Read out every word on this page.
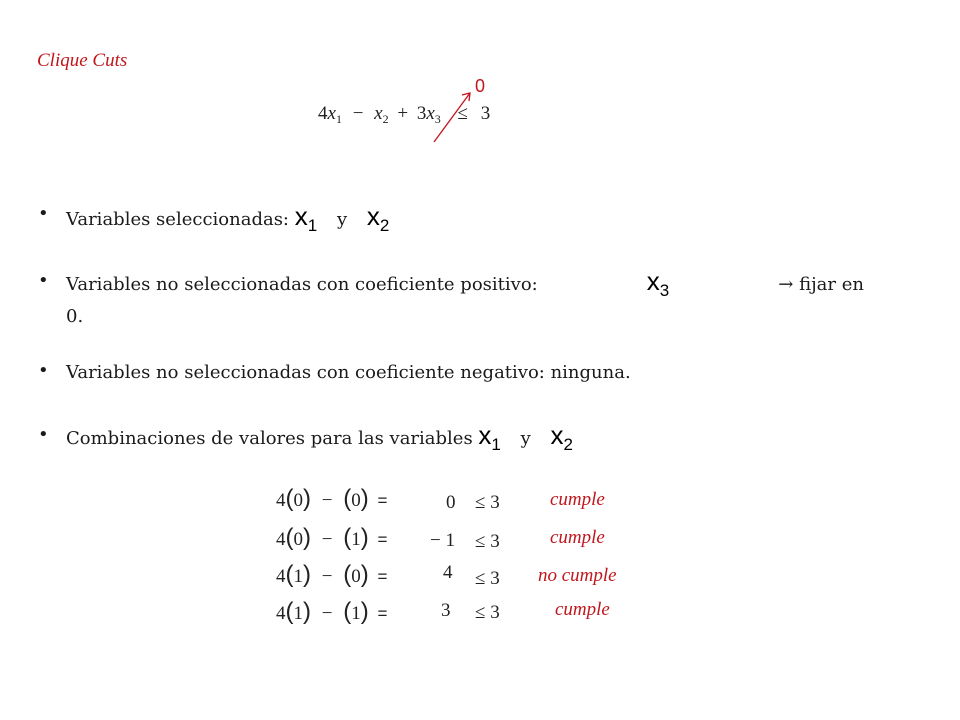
Clique Cuts
$4x_1 - x_2 + 3x_3 \le 3$
0
• Variables seleccionadas: $x_1$ y $x_2$
• Variables no seleccionadas con coeficiente positivo:	$x_3$	→ fijar en
0.
• Variables no seleccionadas con coeficiente negativo: ninguna.
• Combinaciones de valores para las variables $x_1$ y $x_2$
4(0) − (0) =	0 ≤ 3	cumple
4(0) − (1) = − 1 ≤ 3	cumple
4(1) − (0) =	4 ≤ 3 no cumple
4(1) − (1) =	3 ≤ 3	cumple
